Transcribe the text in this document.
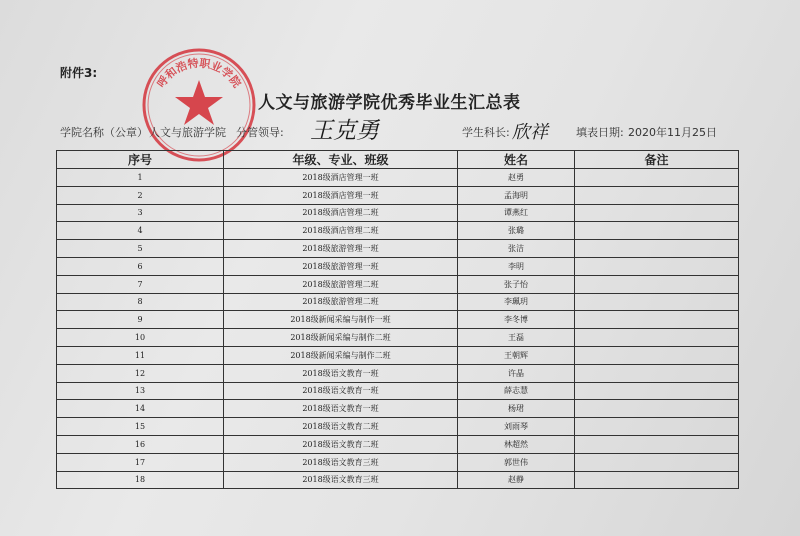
附件3:
呼和浩特职业学院
人文与旅游学院优秀毕业生汇总表
学院名称（公章） 人文与旅游学院 分管领导: 王克勇	学生科长: 欣祥	填表日期: 2020年11月25日
序号	年级、专业、班级	姓名	备注
1	2018级酒店管理一班	赵勇	
2	2018级酒店管理一班	孟海明	
3	2018级酒店管理二班	谭燕红	
4	2018级酒店管理二班	张璐	
5	2018级旅游管理一班	张洁	
6	2018级旅游管理一班	李明	
7	2018级旅游管理二班	张子怡	
8	2018级旅游管理二班	李珮玥	
9	2018级新闻采编与制作一班	李冬博	
10	2018级新闻采编与制作二班	王磊	
11	2018级新闻采编与制作二班	王朝辉	
12	2018级语文教育一班	许晶	
13	2018级语文教育一班	薛志慧	
14	2018级语文教育一班	杨珺	
15	2018级语文教育二班	刘雨琴	
16	2018级语文教育二班	林超然	
17	2018级语文教育三班	郭世伟	
18	2018级语文教育三班	赵静	
